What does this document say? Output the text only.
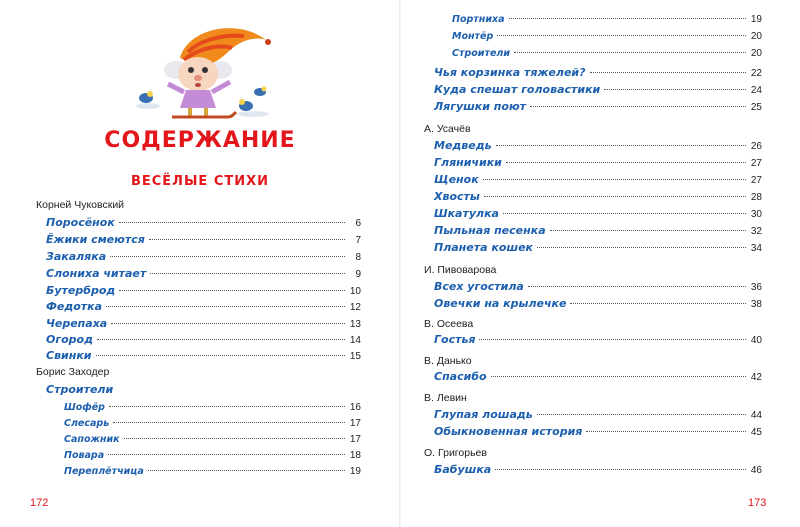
СОДЕРЖАНИЕ
ВЕСЁЛЫЕ СТИХИ
Корней Чуковский
Поросёнок	6
Ёжики смеются	7
Закаляка	8
Слониха читает	9
Бутерброд	10
Федотка	12
Черепаха	13
Огород	14
Свинки	15
Борис Заходер
Строители
Шофёр	16
Слесарь	17
Сапожник	17
Повара	18
Переплётчица	19
172
Портниха	19
Монтёр	20
Строители	20
Чья корзинка тяжелей?	22
Куда спешат головастики	24
Лягушки поют	25
А. Усачёв
Медведь	26
Гляничики	27
Щенок	27
Хвосты	28
Шкатулка	30
Пыльная песенка	32
Планета кошек	34
И. Пивоварова
Всех угостила	36
Овечки на крылечке	38
В. Осеева
Гостья	40
В. Данько
Спасибо	42
В. Левин
Глупая лошадь	44
Обыкновенная история	45
О. Григорьев
Бабушка	46
173
